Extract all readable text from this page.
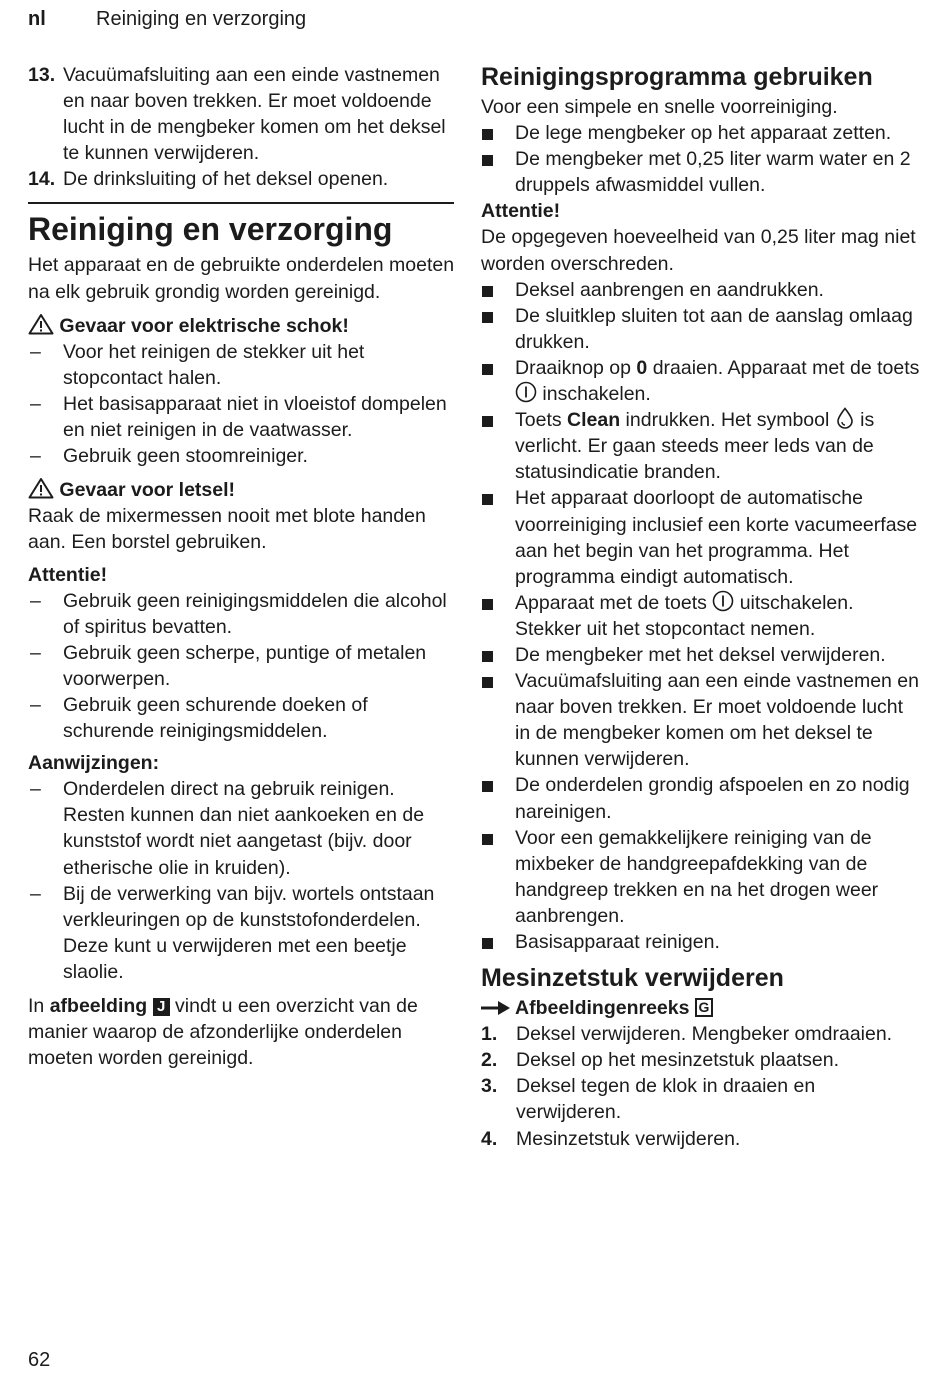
nl	Reiniging en verzorging
13. Vacuümafsluiting aan een einde vastnemen en naar boven trekken. Er moet voldoende lucht in de mengbeker komen om het deksel te kunnen verwijderen.
14. De drinksluiting of het deksel openen.
Reiniging en verzorging

Het apparaat en de gebruikte onderdelen moeten na elk gebruik grondig worden gereinigd.

Gevaar voor elektrische schok!

– Voor het reinigen de stekker uit het stopcontact halen.
– Het basisapparaat niet in vloeistof dompelen en niet reinigen in de vaatwasser.
– Gebruik geen stoomreiniger.

Gevaar voor letsel!

Raak de mixermessen nooit met blote handen aan. Een borstel gebruiken.

Attentie!

– Gebruik geen reinigingsmiddelen die alcohol of spiritus bevatten.
– Gebruik geen scherpe, puntige of metalen voorwerpen.
– Gebruik geen schurende doeken of schurende reinigingsmiddelen.

Aanwijzingen:

– Onderdelen direct na gebruik reinigen. Resten kunnen dan niet aankoeken en de kunststof wordt niet aangetast (bijv. door etherische olie in kruiden).
– Bij de verwerking van bijv. wortels ontstaan verkleuringen op de kunststofonderdelen. Deze kunt u verwijderen met een beetje slaolie.

In afbeelding J vindt u een overzicht van de manier waarop de afzonderlijke onderdelen moeten worden gereinigd.

Reinigingsprogramma gebruiken

Voor een simpele en snelle voorreiniging.

De lege mengbeker op het apparaat zetten.
De mengbeker met 0,25 liter warm water en 2 druppels afwasmiddel vullen.

Attentie!

De opgegeven hoeveelheid van 0,25 liter mag niet worden overschreden.

Deksel aanbrengen en aandrukken.
De sluitklep sluiten tot aan de aanslag omlaag drukken.
Draaiknop op 0 draaien. Apparaat met de toets  inschakelen.
Toets Clean indrukken. Het symbool  is verlicht. Er gaan steeds meer leds van de statusindicatie branden.
Het apparaat doorloopt de automatische voorreiniging inclusief een korte vacumeerfase aan het begin van het programma. Het programma eindigt automatisch.
Apparaat met de toets  uitschakelen. Stekker uit het stopcontact nemen.
De mengbeker met het deksel verwijderen.
Vacuümafsluiting aan een einde vastnemen en naar boven trekken. Er moet voldoende lucht in de mengbeker komen om het deksel te kunnen verwijderen.
De onderdelen grondig afspoelen en zo nodig nareinigen.
Voor een gemakkelijkere reiniging van de mixbeker de handgreepafdekking van de handgreep trekken en na het drogen weer aanbrengen.
Basisapparaat reinigen.
Mesinzetstuk verwijderen
Afbeeldingenreeks G
1. Deksel verwijderen. Mengbeker omdraaien.
2. Deksel op het mesinzetstuk plaatsen.
3. Deksel tegen de klok in draaien en verwijderen.
4. Mesinzetstuk verwijderen.
62
